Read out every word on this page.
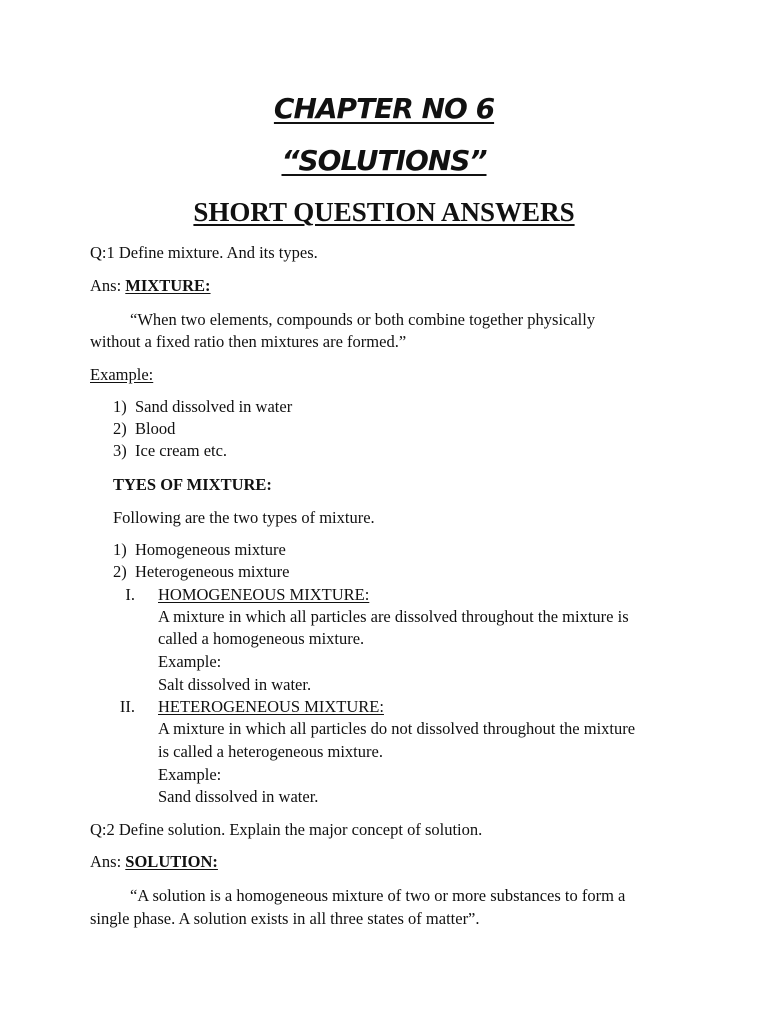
CHAPTER NO 6
“SOLUTIONS”
SHORT QUESTION ANSWERS
Q:1 Define mixture. And its types.
Ans: MIXTURE:
“When two elements, compounds or both combine together physically
without a fixed ratio then mixtures are formed.”
Example:
1) Sand dissolved in water
2) Blood
3) Ice cream etc.
TYES OF MIXTURE:
Following are the two types of mixture.
1) Homogeneous mixture
2) Heterogeneous mixture
I. HOMOGENEOUS MIXTURE:
A mixture in which all particles are dissolved throughout the mixture is
called a homogeneous mixture.
Example:
Salt dissolved in water.
II. HETEROGENEOUS MIXTURE:
A mixture in which all particles do not dissolved throughout the mixture
is called a heterogeneous mixture.
Example:
Sand dissolved in water.
Q:2 Define solution. Explain the major concept of solution.
Ans: SOLUTION:
“A solution is a homogeneous mixture of two or more substances to form a
single phase. A solution exists in all three states of matter”.
